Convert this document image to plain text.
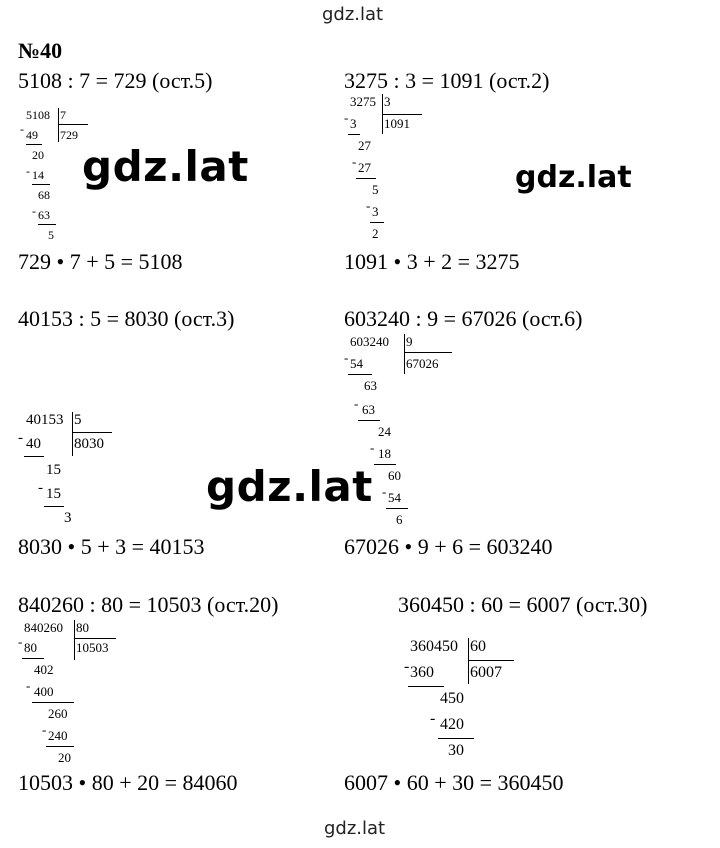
gdz.lat
gdz.lat
gdz.lat	gdz.lat
gdz.lat
№40
5108 : 7 = 729 (ост.5)
5108 7
729
- 49
20
- 14
68
- 63
5
729 • 7 + 5 = 5108
3275 : 3 = 1091 (ост.2)
3275 3
1091
- 3
27
- 27
5
- 3
2
1091 • 3 + 2 = 3275
40153 : 5 = 8030 (ост.3)
40153 5
8030
- 40
15
- 15
3
8030 • 5 + 3 = 40153
603240 : 9 = 67026 (ост.6)
603240 9
67026
- 54
63
- 63
24
- 18
60
- 54
6
67026 • 9 + 6 = 603240
840260 : 80 = 10503 (ост.20)
840260 80
10503
- 80
402
- 400
260
- 240
20
10503 • 80 + 20 = 84060
360450 : 60 = 6007 (ост.30)
360450 60
6007
- 360
450
- 420
30
6007 • 60 + 30 = 360450
